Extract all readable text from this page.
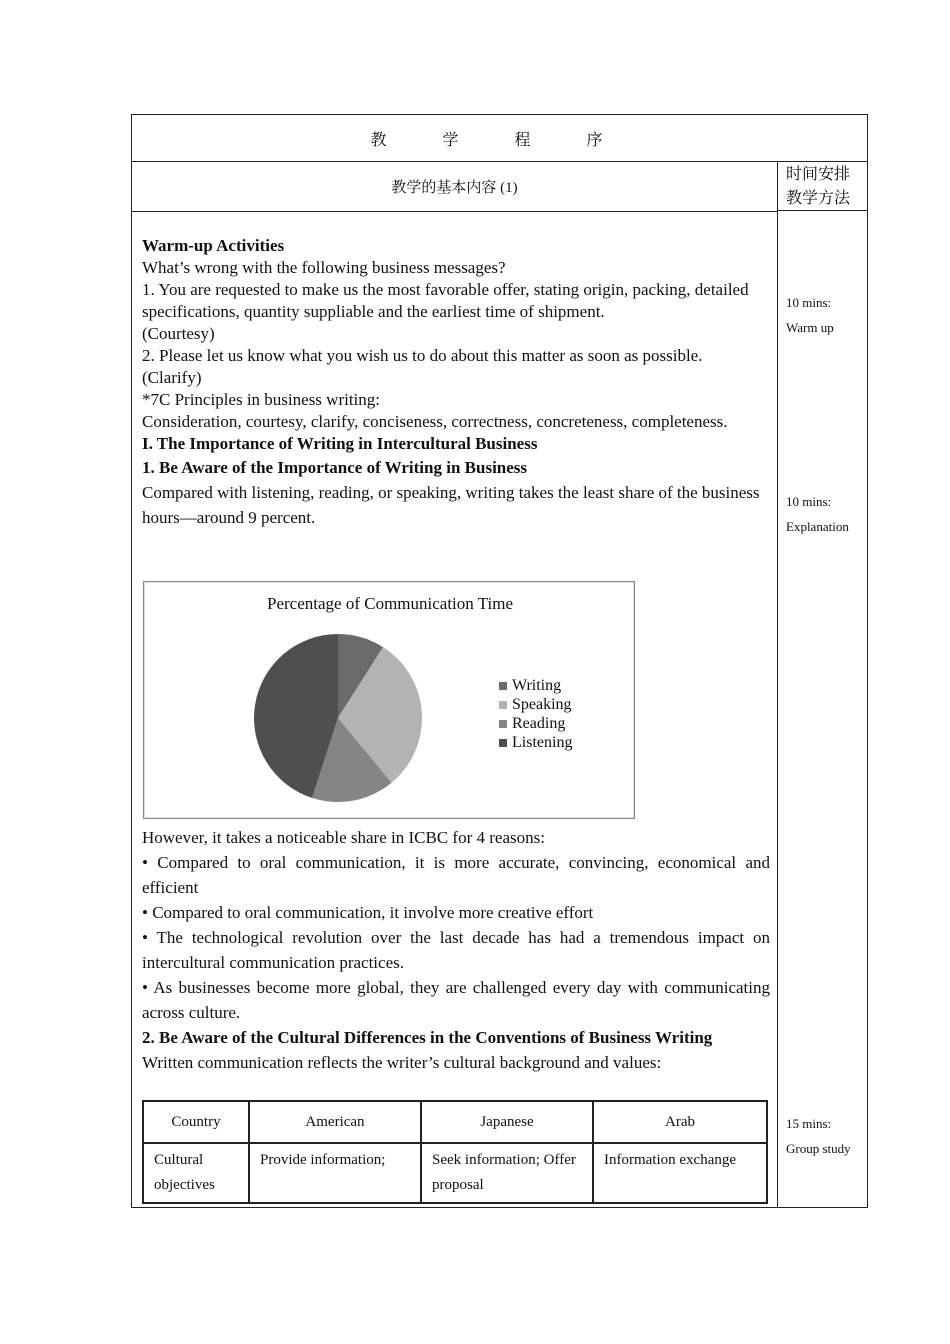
教 学 程 序
教学的基本内容 (1)
时间安排
教学方法
10 mins:
Warm up
10 mins:
Explanation
15 mins:
Group study

Warm-up Activities

What’s wrong with the following business messages?

1. You are requested to make us the most favorable offer, stating origin, packing, detailed specifications, quantity suppliable and the earliest time of shipment.

(Courtesy)

2. Please let us know what you wish us to do about this matter as soon as possible.

(Clarify)

*7C Principles in business writing:

Consideration, courtesy, clarify, conciseness, correctness, concreteness, completeness.

I. The Importance of Writing in Intercultural Business

1. Be Aware of the Importance of Writing in Business

Compared with listening, reading, or speaking, writing takes the least share of the business hours—around 9 percent.

Percentage of Communication Time
Writing
Speaking
Reading
Listening

However, it takes a noticeable share in ICBC for 4 reasons:

• Compared to oral communication, it is more accurate, convincing, economical and efficient

• Compared to oral communication, it involve more creative effort

• The technological revolution over the last decade has had a tremendous impact on intercultural communication practices.

• As businesses become more global, they are challenged every day with communicating across culture.

2. Be Aware of the Cultural Differences in the Conventions of Business Writing

Written communication reflects the writer’s cultural background and values:

Country	American	Japanese	Arab
Cultural objectives	Provide information;	Seek information; Offer proposal	Information exchange
